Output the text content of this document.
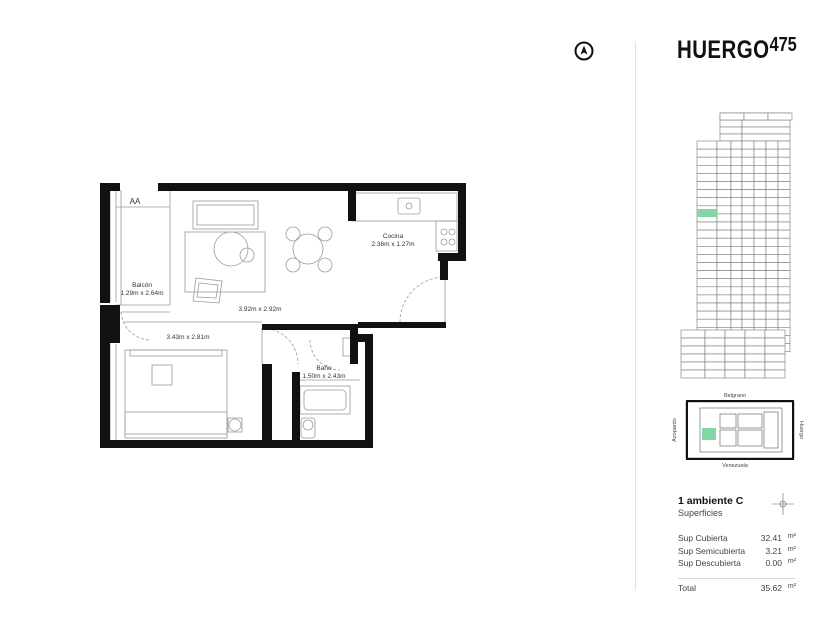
AA
Balcón
1.29m x 2.64m
Cocina
2.36m x 1.27m
3.92m x 2.92m
3.43m x 2.81m
Baño
1.50m x 2.43m
HUERGO$^{475}$
Belgrano
Venezuela
Azopardo	Huergo
1 ambiente C
Superficies
Sup Cubierta	32.41 m²
Sup Semicubierta 3.21 m²
Sup Descubierta	0.00 m²
Total	35.62 m²
